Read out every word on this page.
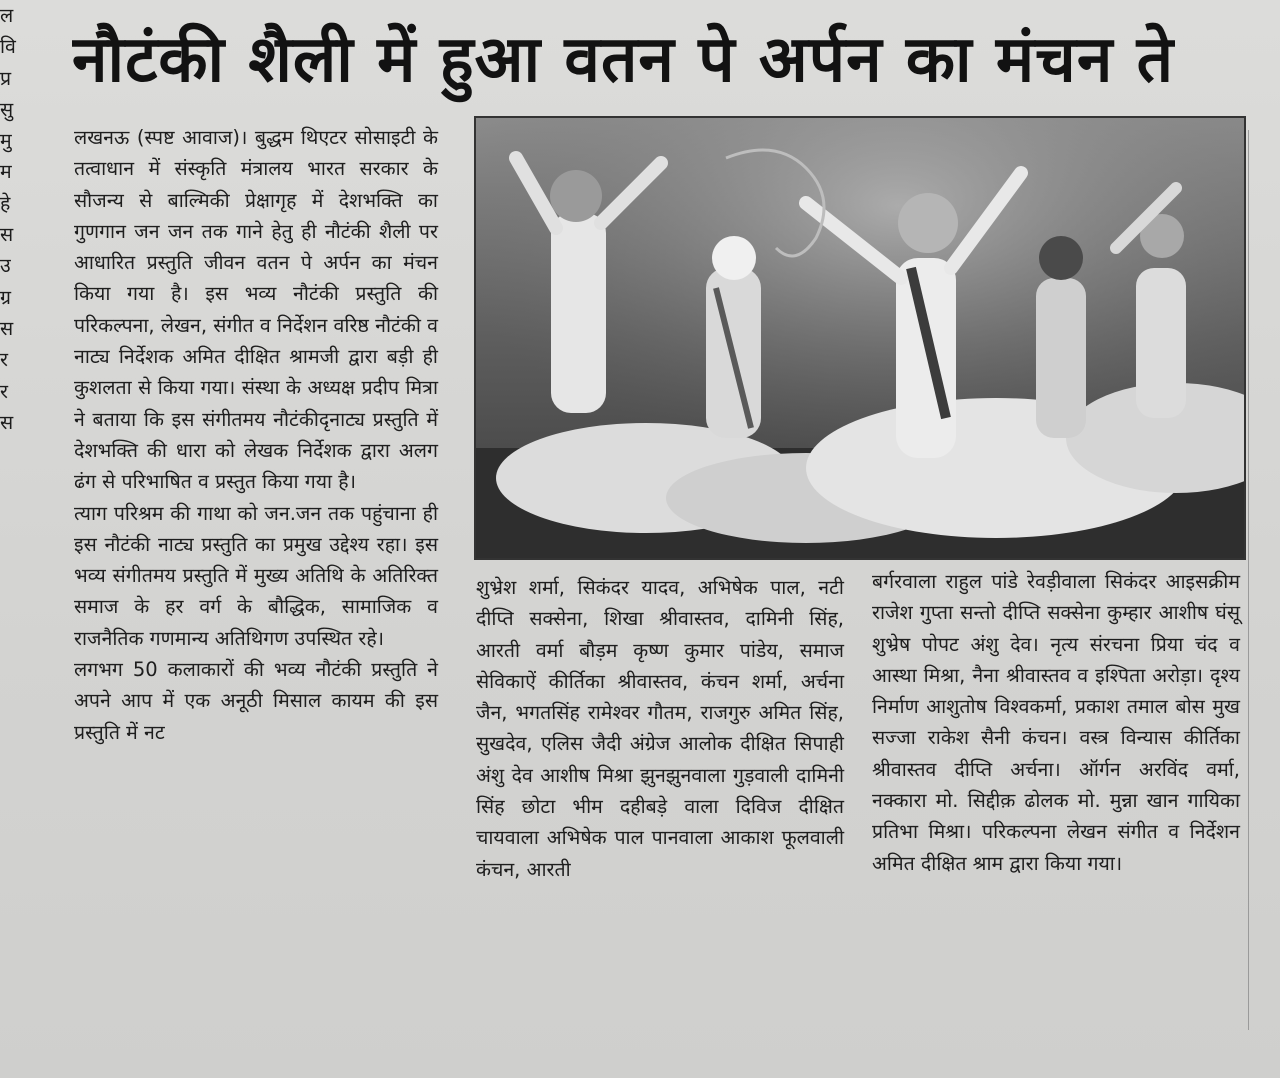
नौटंकी शैली में हुआ वतन पे अर्पन का मंचन ते

लखनऊ (स्पष्ट आवाज)। बुद्धम थिएटर सोसाइटी के तत्वाधान में संस्कृति मंत्रालय भारत सरकार के सौजन्य से बाल्मिकी प्रेक्षागृह में देशभक्ति का गुणगान जन जन तक गाने हेतु ही नौटंकी शैली पर आधारित प्रस्तुति जीवन वतन पे अर्पन का मंचन किया गया है। इस भव्य नौटंकी प्रस्तुति की परिकल्पना, लेखन, संगीत व निर्देशन वरिष्ठ नौटंकी व नाट्य निर्देशक अमित दीक्षित श्रामजी द्वारा बड़ी ही कुशलता से किया गया। संस्था के अध्यक्ष प्रदीप मित्रा ने बताया कि इस संगीतमय नौटंकीदृनाट्य प्रस्तुति में देशभक्ति की धारा को लेखक निर्देशक द्वारा अलग ढंग से परिभाषित व प्रस्तुत किया गया है।

त्याग परिश्रम की गाथा को जन.जन तक पहुंचाना ही इस नौटंकी नाट्य प्रस्तुति का प्रमुख उद्देश्य रहा। इस भव्य संगीतमय प्रस्तुति में मुख्य अतिथि के अतिरिक्त समाज के हर वर्ग के बौद्धिक, सामाजिक व राजनैतिक गणमान्य अतिथिगण उपस्थित रहे।

लगभग 50 कलाकारों की भव्य नौटंकी प्रस्तुति ने अपने आप में एक अनूठी मिसाल कायम की इस प्रस्तुति में नट

शुभ्रेश शर्मा, सिकंदर यादव, अभिषेक पाल, नटी दीप्ति सक्सेना, शिखा श्रीवास्तव, दामिनी सिंह, आरती वर्मा बौड़म कृष्ण कुमार पांडेय, समाज सेविकाऐं कीर्तिका श्रीवास्तव, कंचन शर्मा, अर्चना जैन, भगतसिंह रामेश्वर गौतम, राजगुरु अमित सिंह, सुखदेव, एलिस जैदी अंग्रेज आलोक दीक्षित सिपाही अंशु देव आशीष मिश्रा झुनझुनवाला गुड़वाली दामिनी सिंह छोटा भीम दहीबड़े वाला दिविज दीक्षित चायवाला अभिषेक पाल पानवाला आकाश फूलवाली कंचन, आरती
बर्गरवाला राहुल पांडे रेवड़ीवाला सिकंदर आइसक्रीम राजेश गुप्ता सन्तो दीप्ति सक्सेना कुम्हार आशीष घंसू शुभ्रेष पोपट अंशु देव। नृत्य संरचना प्रिया चंद व आस्था मिश्रा, नैना श्रीवास्तव व इश्पिता अरोड़ा। दृश्य निर्माण आशुतोष विश्वकर्मा, प्रकाश तमाल बोस मुख सज्जा राकेश सैनी कंचन। वस्त्र विन्यास कीर्तिका श्रीवास्तव दीप्ति अर्चना। ऑर्गन अरविंद वर्मा, नक्कारा मो. सिद्दीक़ ढोलक मो. मुन्ना खान गायिका प्रतिभा मिश्रा। परिकल्पना लेखन संगीत व निर्देशन अमित दीक्षित श्राम द्वारा किया गया।
ल
वि
प्र
सु
मु
म
हे
स
उ
ग्र
स
र
र
स
